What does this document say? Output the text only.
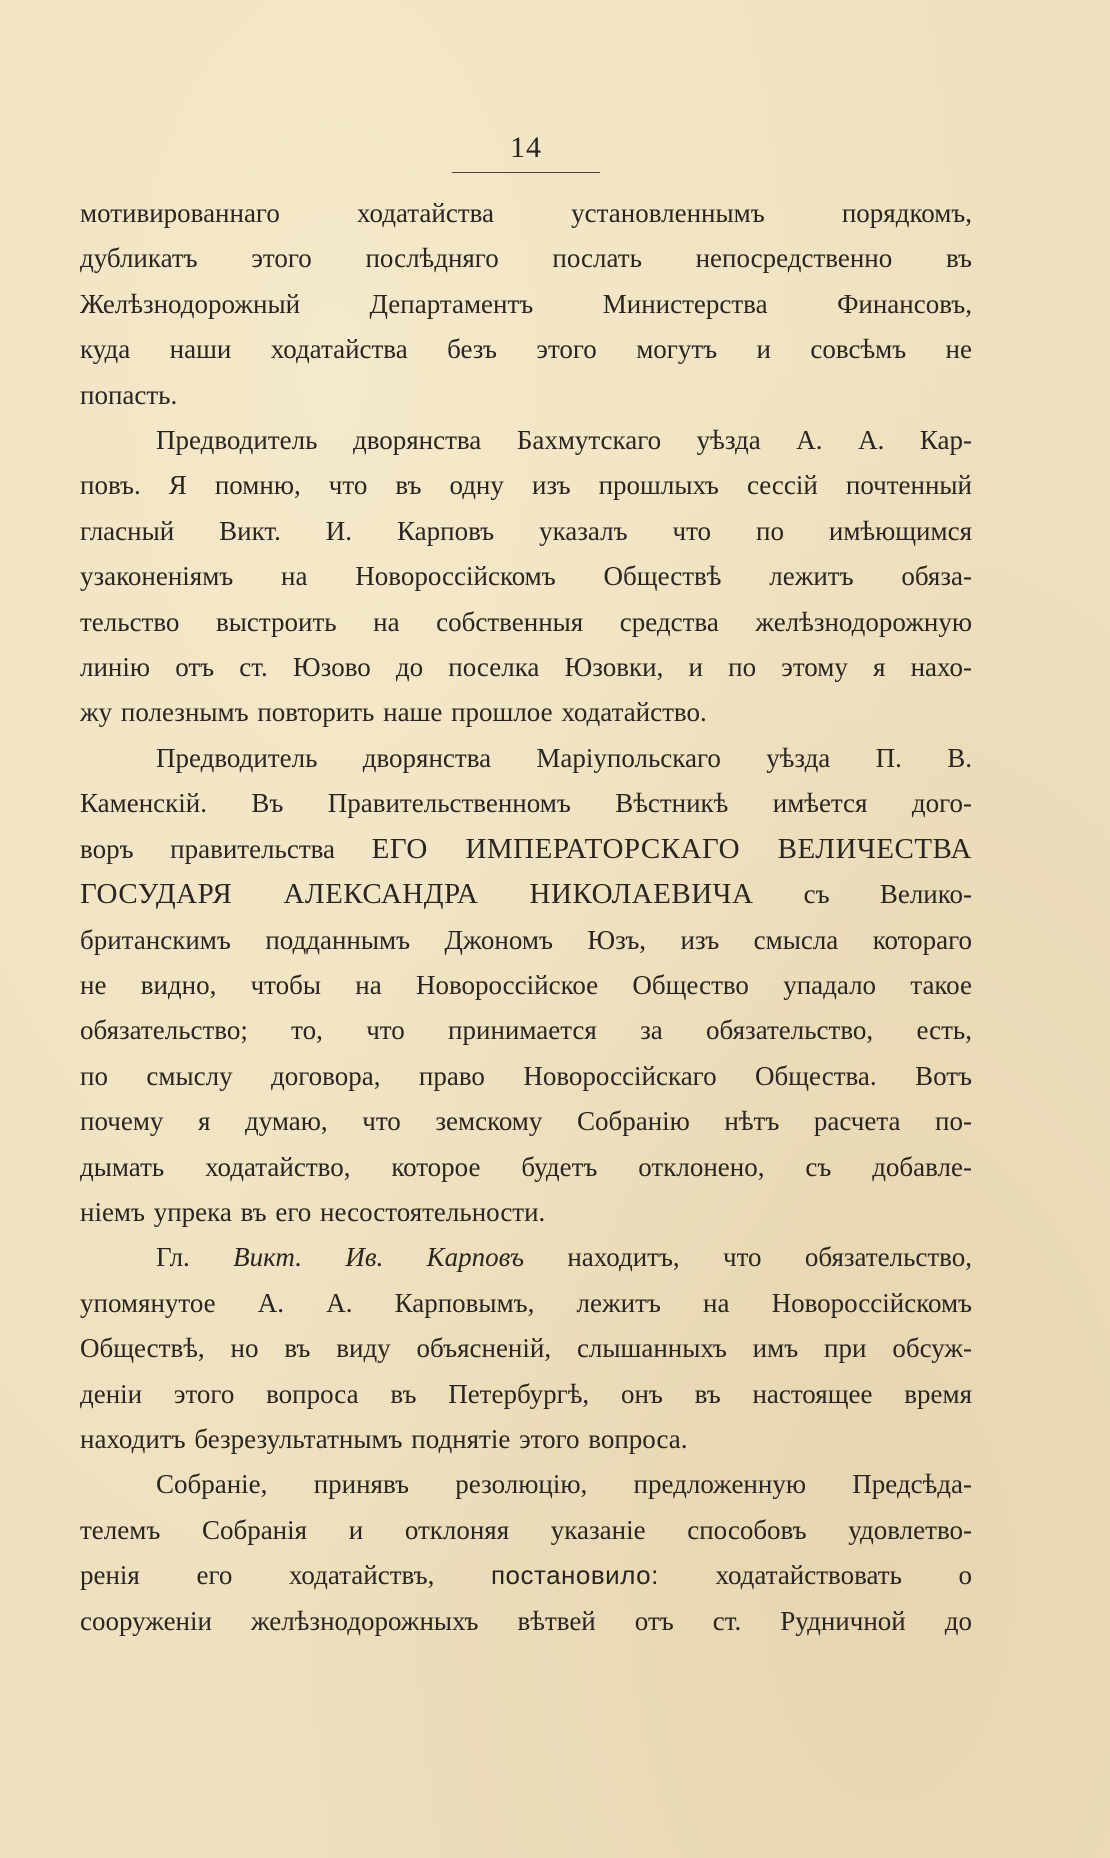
14

мотивированнаго ходатайства установленнымъ порядкомъ,
дубликатъ этого послѣдняго послать непосредственно въ
Желѣзнодорожный Департаментъ Министерства Финансовъ,
куда наши ходатайства безъ этого могутъ и совсѣмъ не
попасть.

Предводитель дворянства Бахмутскаго уѣзда А. А. Кар-
повъ. Я помню, что въ одну изъ прошлыхъ сессій почтенный
гласный Викт. И. Карповъ указалъ что по имѣющимся
узаконеніямъ на Новороссійскомъ Обществѣ лежитъ обяза-
тельство выстроить на собственныя средства желѣзнодорожную
линію отъ ст. Юзово до поселка Юзовки, и по этому я нахо-
жу полезнымъ повторить наше прошлое ходатайство.

Предводитель дворянства Маріупольскаго уѣзда П. В.
Каменскій. Въ Правительственномъ Вѣстникѣ имѣется дого-
воръ правительства ЕГО ИМПЕРАТОРСКАГО ВЕЛИЧЕСТВА
ГОСУДАРЯ АЛЕКСАНДРА НИКОЛАЕВИЧА съ Велико-
британскимъ подданнымъ Джономъ Юзъ, изъ смысла котораго
не видно, чтобы на Новороссійское Общество упадало такое
обязательство; то, что принимается за обязательство, есть,
по смыслу договора, право Новороссійскаго Общества. Вотъ
почему я думаю, что земскому Собранію нѣтъ расчета по-
дымать ходатайство, которое будетъ отклонено, съ добавле-
ніемъ упрека въ его несостоятельности.

Гл. Викт. Ив. Карповъ находитъ, что обязательство,
упомянутое А. А. Карповымъ, лежитъ на Новороссійскомъ
Обществѣ, но въ виду объясненій, слышанныхъ имъ при обсуж-
деніи этого вопроса въ Петербургѣ, онъ въ настоящее время
находитъ безрезультатнымъ поднятіе этого вопроса.

Собраніе, принявъ резолюцію, предложенную Предсѣда-
телемъ Собранія и отклоняя указаніе способовъ удовлетво-
ренія его ходатайствъ, постановило: ходатайствовать о
сооруженіи желѣзнодорожныхъ вѣтвей отъ ст. Рудничной до
